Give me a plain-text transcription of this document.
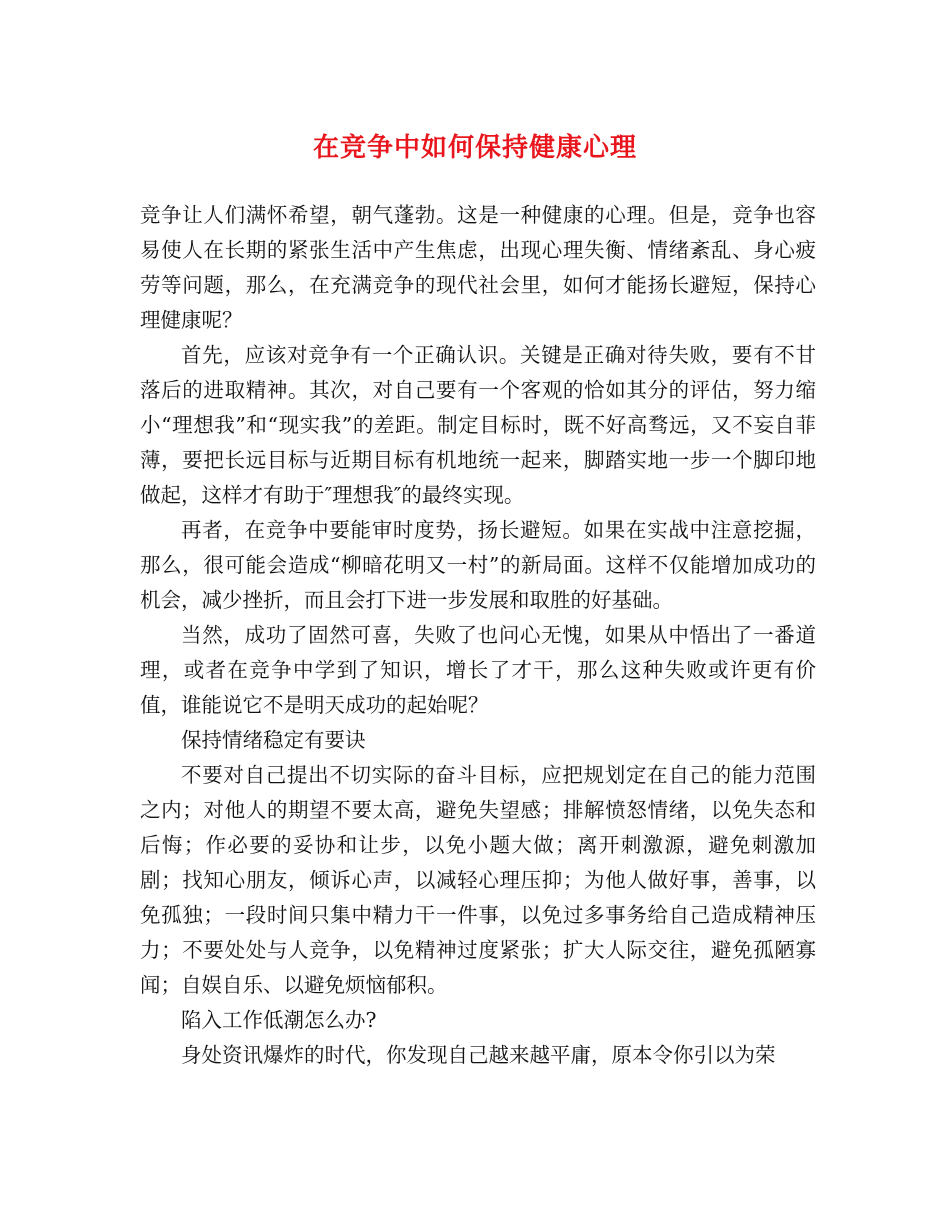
在竞争中如何保持健康心理

竞争让人们满怀希望，朝气蓬勃。这是一种健康的心理。但是，竞争也容易使人在长期的紧张生活中产生焦虑，出现心理失衡、情绪紊乱、身心疲劳等问题，那么，在充满竞争的现代社会里，如何才能扬长避短，保持心理健康呢？

首先，应该对竞争有一个正确认识。关键是正确对待失败，要有不甘落后的进取精神。其次，对自己要有一个客观的恰如其分的评估，努力缩小“理想我”和“现实我”的差距。制定目标时，既不好高骛远，又不妄自菲薄，要把长远目标与近期目标有机地统一起来，脚踏实地一步一个脚印地做起，这样才有助于″理想我″的最终实现。

再者，在竞争中要能审时度势，扬长避短。如果在实战中注意挖掘，那么，很可能会造成“柳暗花明又一村”的新局面。这样不仅能增加成功的机会，减少挫折，而且会打下进一步发展和取胜的好基础。

当然，成功了固然可喜，失败了也问心无愧，如果从中悟出了一番道理，或者在竞争中学到了知识，增长了才干，那么这种失败或许更有价值，谁能说它不是明天成功的起始呢？

保持情绪稳定有要诀

不要对自己提出不切实际的奋斗目标，应把规划定在自己的能力范围之内；对他人的期望不要太高，避免失望感；排解愤怒情绪，以免失态和后悔；作必要的妥协和让步，以免小题大做；离开刺激源，避免刺激加剧；找知心朋友，倾诉心声，以减轻心理压抑；为他人做好事，善事，以免孤独；一段时间只集中精力干一件事，以免过多事务给自己造成精神压力；不要处处与人竞争，以免精神过度紧张；扩大人际交往，避免孤陋寡闻；自娱自乐、以避免烦恼郁积。

陷入工作低潮怎么办?

身处资讯爆炸的时代，你发现自己越来越平庸，原本令你引以为荣
